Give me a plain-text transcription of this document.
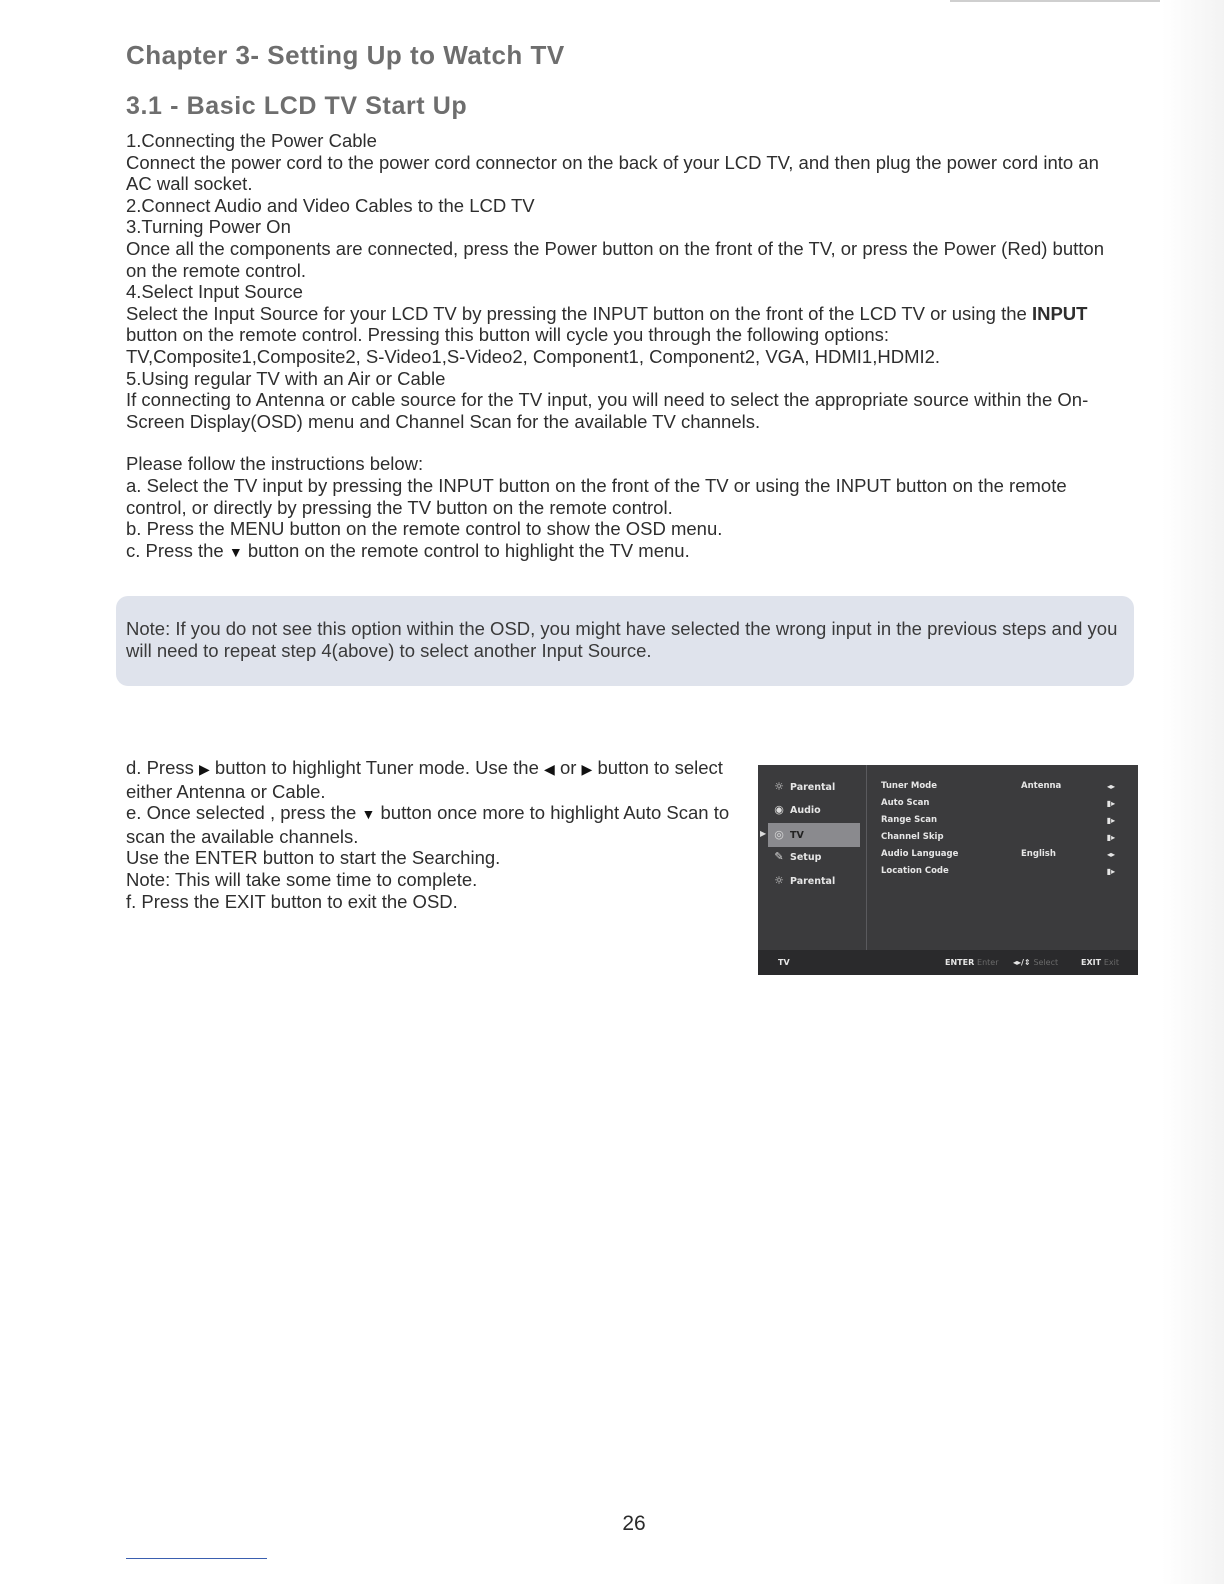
Chapter 3- Setting Up to Watch TV
3.1 - Basic LCD TV Start Up

1.Connecting the Power Cable

Connect the power cord to the power cord connector on the back of your LCD TV, and then plug the power cord into an AC wall socket.

2.Connect Audio and Video Cables to the LCD TV

3.Turning Power On

Once all the components are connected, press the Power button on the front of the TV, or press the Power (Red) button on the remote control.

4.Select Input Source

Select the Input Source for your LCD TV by pressing the INPUT button on the front of the LCD TV or using the INPUT button on the remote control. Pressing this button will cycle you through the following options: TV,Composite1,Composite2, S-Video1,S-Video2, Component1, Component2, VGA, HDMI1,HDMI2.

5.Using regular TV with an Air or Cable

If connecting to Antenna or cable source for the TV input, you will need to select the appropriate source within the On-Screen Display(OSD) menu and Channel Scan for the available TV channels.

Please follow the instructions below:

a. Select the TV input by pressing the INPUT button on the front of the TV or using the INPUT button on the remote control, or directly by pressing the TV button on the remote control.

b. Press the MENU button on the remote control to show the OSD menu.

c. Press the ▼ button on the remote control to highlight the TV menu.

Note: If you do not see this option within the OSD, you might have selected the wrong input in the previous steps and you will need to repeat step 4(above) to select another Input Source.

d. Press ▶ button to highlight Tuner mode. Use the ◀ or ▶ button to select either Antenna or Cable.

e. Once selected , press the ▼ button once more to highlight Auto Scan to scan the available channels.

Use the ENTER button to start the Searching.

Note: This will take some time to complete.

f. Press the EXIT button to exit the OSD.

▶
☼ Parental
◉ Audio
◎ TV
✎ Setup
☼ Parental
Tuner Mode	Antenna	◂▸
Auto Scan	▮▸
Range Scan	▮▸
Channel Skip	▮▸
Audio Language	English	◂▸
Location Code	▮▸
TV	ENTER Enter ◂▸/⇕ Select	EXIT Exit
26
